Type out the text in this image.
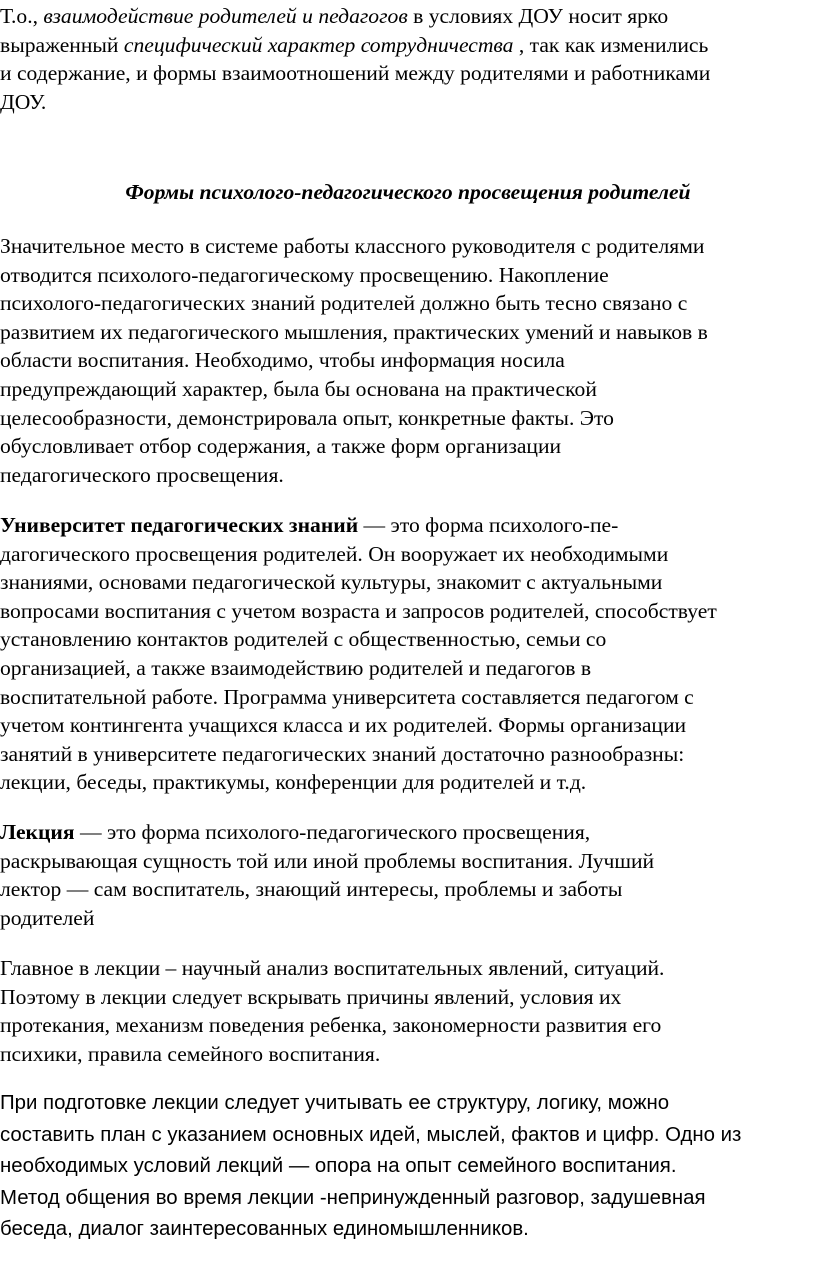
Т.о., взаимодействие родителей и педагогов в условиях ДОУ носит ярко
выраженный специфический характер сотрудничества , так как изменились
и содержание, и формы взаимоотношений между родителями и работниками
ДОУ.
Формы психолого-педагогического просвещения родителей
Значительное место в системе работы классного руководителя с родителями
отводится психолого-педагогическому просвещению. Накопление
психолого-педагогических знаний родителей должно быть тесно связано с
развитием их педагогического мышления, практических умений и навыков в
области воспитания. Необходимо, чтобы информация носила
предупреждающий характер, была бы основана на практической
целесообразности, демонстрировала опыт, конкретные факты. Это
обусловливает отбор содержания, а также форм организации
педагогического просвещения.
Университет педагогических знаний — это форма психолого-пе-
дагогического просвещения родителей. Он вооружает их необходимыми
знаниями, основами педагогической культуры, знакомит с актуальными
вопросами воспитания с учетом возраста и запросов родителей, способствует
установлению контактов родителей с общественностью, семьи со
организацией, а также взаимодействию родителей и педагогов в
воспитательной работе. Программа университета составляется педагогом с
учетом контингента учащихся класса и их родителей. Формы организации
занятий в университете педагогических знаний достаточно разнообразны:
лекции, беседы, практикумы, конференции для родителей и т.д.
Лекция — это форма психолого-педагогического просвещения,
раскрывающая сущность той или иной проблемы воспитания. Лучший
лектор — сам воспитатель, знающий интересы, проблемы и заботы
родителей
Главное в лекции – научный анализ воспитательных явлений, ситуаций.
Поэтому в лекции следует вскрывать причины явлений, условия их
протекания, механизм поведения ребенка, закономерности развития его
психики, правила семейного воспитания.
При подготовке лекции следует учитывать ее структуру, логику, можно
составить план с указанием основных идей, мыслей, фактов и цифр. Одно из
необходимых условий лекций — опора на опыт семейного воспитания.
Метод общения во время лекции -непринужденный разговор, задушевная
беседа, диалог заинтересованных единомышленников.
